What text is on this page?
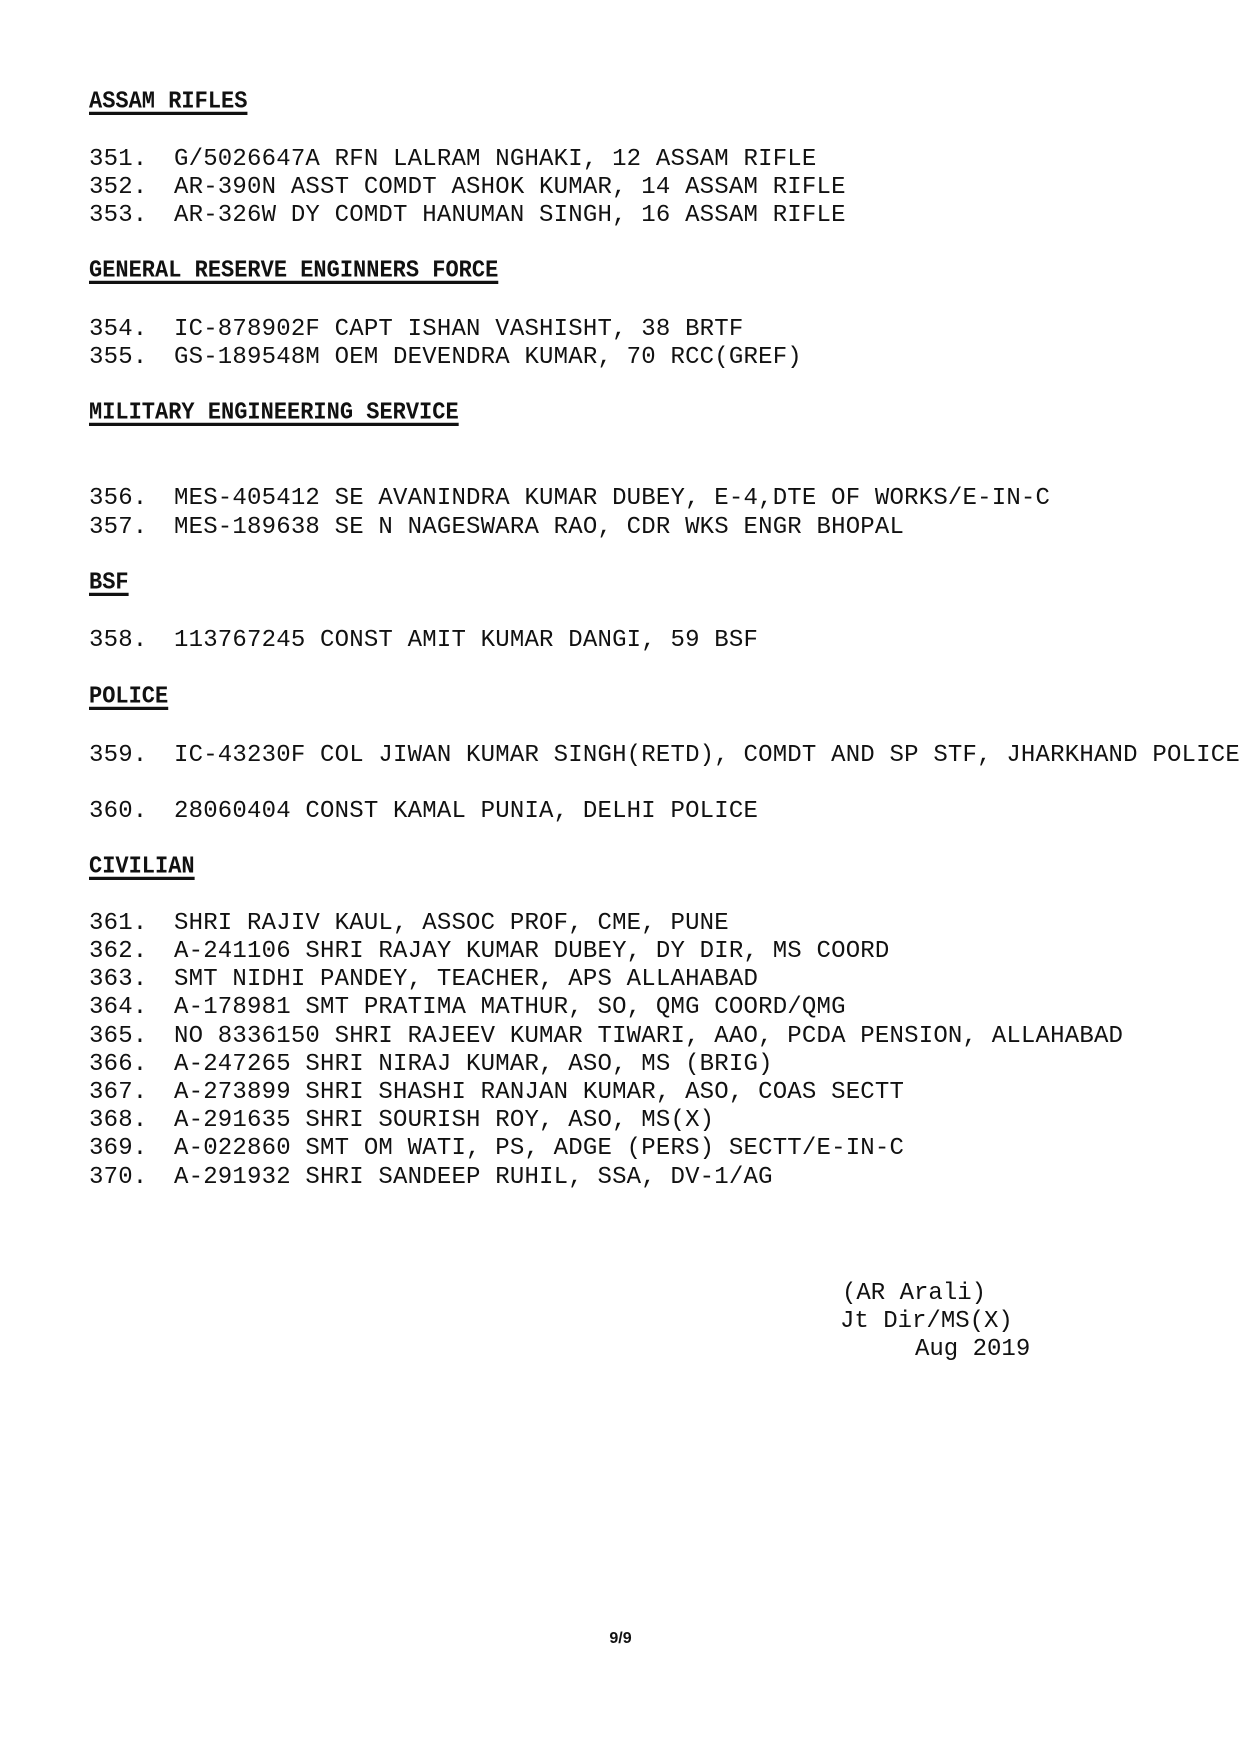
ASSAM RIFLES
351. G/5026647A RFN LALRAM NGHAKI, 12 ASSAM RIFLE
352. AR-390N ASST COMDT ASHOK KUMAR, 14 ASSAM RIFLE
353. AR-326W DY COMDT HANUMAN SINGH, 16 ASSAM RIFLE
GENERAL RESERVE ENGINNERS FORCE
354. IC-878902F CAPT ISHAN VASHISHT, 38 BRTF
355. GS-189548M OEM DEVENDRA KUMAR, 70 RCC(GREF)
MILITARY ENGINEERING SERVICE
356. MES-405412 SE AVANINDRA KUMAR DUBEY, E-4,DTE OF WORKS/E-IN-C
357. MES-189638 SE N NAGESWARA RAO, CDR WKS ENGR BHOPAL
BSF
358. 113767245 CONST AMIT KUMAR DANGI, 59 BSF
POLICE
359. IC-43230F COL JIWAN KUMAR SINGH(RETD), COMDT AND SP STF, JHARKHAND POLICE
360. 28060404 CONST KAMAL PUNIA, DELHI POLICE
CIVILIAN
361. SHRI RAJIV KAUL, ASSOC PROF, CME, PUNE
362. A-241106 SHRI RAJAY KUMAR DUBEY, DY DIR, MS COORD
363. SMT NIDHI PANDEY, TEACHER, APS ALLAHABAD
364. A-178981 SMT PRATIMA MATHUR, SO, QMG COORD/QMG
365. NO 8336150 SHRI RAJEEV KUMAR TIWARI, AAO, PCDA PENSION, ALLAHABAD
366. A-247265 SHRI NIRAJ KUMAR, ASO, MS (BRIG)
367. A-273899 SHRI SHASHI RANJAN KUMAR, ASO, COAS SECTT
368. A-291635 SHRI SOURISH ROY, ASO, MS(X)
369. A-022860 SMT OM WATI, PS, ADGE (PERS) SECTT/E-IN-C
370. A-291932 SHRI SANDEEP RUHIL, SSA, DV-1/AG
(AR Arali)
Jt Dir/MS(X)
Aug 2019
9/9
